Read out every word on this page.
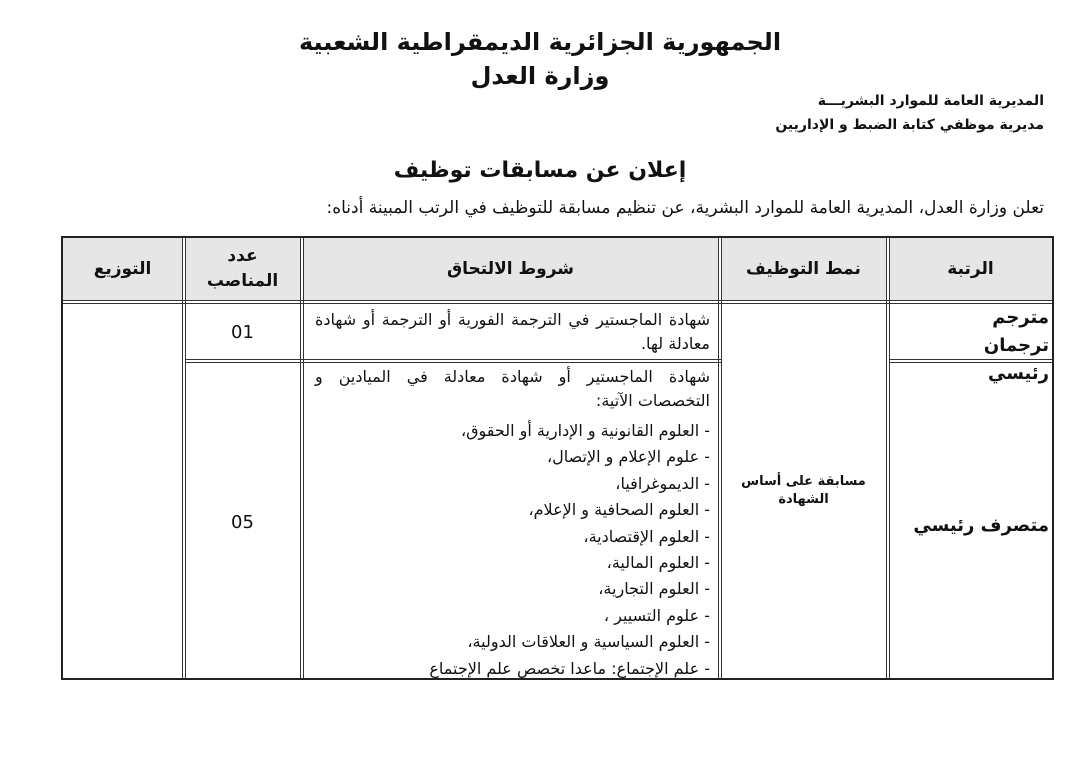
الجمهورية الجزائرية الديمقراطية الشعبية
وزارة العدل
المديرية العامة للموارد البشريـــة
مديرية موظفي كتابة الضبط و الإداريين
إعلان عن مسابقات توظيف
تعلن وزارة العدل، المديرية العامة للموارد البشرية، عن تنظيم مسابقة للتوظيف في الرتب المبينة أدناه:
التوزيع
عدد المناصب
شروط الالتحاق	نمط التوظيف	الرتبة
01
شهادة الماجستير في الترجمة الفورية أو الترجمة أو شهادة معادلة لها.
مترجم ترجمان رئيسي
05
شهادة الماجستير أو شهادة معادلة في الميادين و التخصصات الآتية:
- العلوم القانونية و الإدارية أو الحقوق،
- علوم الإعلام و الإتصال،
- الديموغرافيا،
- العلوم الصحافية و الإعلام،
- العلوم الإقتصادية،
- العلوم المالية،
- العلوم التجارية،
- علوم التسيير ،
- العلوم السياسية و العلاقات الدولية،
- علم الإجتماع: ماعدا تخصص علم الإجتماع
متصرف رئيسي
مسابقة على أساس الشهادة
